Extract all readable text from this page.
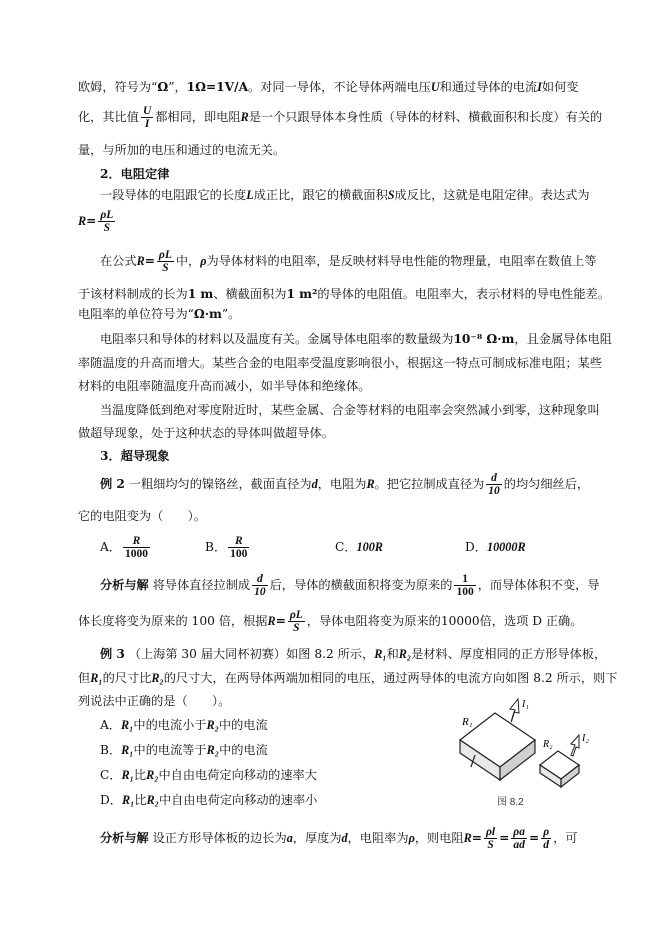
欧姆，符号为“Ω”，1Ω=1V/A。对同一导体，不论导体两端电压U和通过导体的电流I如何变
化，其比值 $\frac{U}{I}$ 都相同，即电阻R是一个只跟导体本身性质（导体的材料、横截面积和长度）有关的
量，与所加的电压和通过的电流无关。
2．电阻定律
一段导体的电阻跟它的长度L成正比，跟它的横截面积S成反比，这就是电阻定律。表达式为
$R= \frac{\rho L}{S}$
在公式$R= \frac{\rho L}{S}$ 中，ρ为导体材料的电阻率，是反映材料导电性能的物理量，电阻率在数值上等
于该材料制成的长为1 m、横截面积为1 m²的导体的电阻值。电阻率大，表示材料的导电性能差。
电阻率的单位符号为“Ω·m”。
电阻率只和导体的材料以及温度有关。金属导体电阻率的数量级为10⁻⁸ Ω·m，且金属导体电阻
率随温度的升高而增大。某些合金的电阻率受温度影响很小，根据这一特点可制成标准电阻；某些
材料的电阻率随温度升高而减小，如半导体和绝缘体。
当温度降低到绝对零度附近时，某些金属、合金等材料的电阻率会突然减小到零，这种现象叫
做超导现象，处于这种状态的导体叫做超导体。
3．超导现象
例 2 一粗细均匀的镍铬丝，截面直径为d，电阻为R。把它拉制成直径为 $\frac{d}{10}$ 的均匀细丝后，
它的电阻变为（　　）。
A． $\frac{R}{1000}$	B． $\frac{R}{100}$	C．100R	D．10000R
分析与解 将导体直径拉制成 $\frac{d}{10}$ 后，导体的横截面积将变为原来的 $\frac{1}{100}$ ，而导体体积不变，导
体长度将变为原来的 100 倍，根据$R= \frac{\rho L}{S}$ ，导体电阻将变为原来的10000倍，选项 D 正确。
例 3 （上海第 30 届大同杯初赛）如图 8.2 所示，R₁和R₂是材料、厚度相同的正方形导体板，
但R₁的尺寸比R₂的尺寸大，在两导体两端加相同的电压，通过两导体的电流方向如图 8.2 所示，则下
列说法中正确的是（　　）。
A．R₁中的电流小于R₂中的电流
B．R₁中的电流等于R₂中的电流
C．R₁比R₂中自由电荷定向移动的速率大
D．R₁比R₂中自由电荷定向移动的速率小
R₁
I₁
R₂
I₂
图 8.2
分析与解 设正方形导体板的边长为a，厚度为d，电阻率为ρ，则电阻$R= \frac{\rho l}{S} = \frac{\rho a}{ad} = \frac{\rho}{d}$ ，可
